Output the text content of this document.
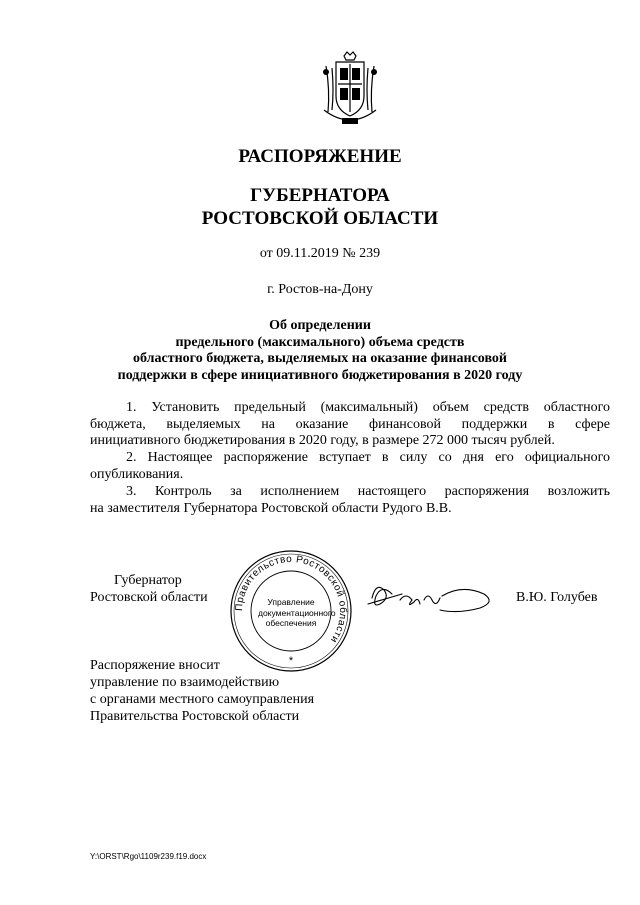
РАСПОРЯЖЕНИЕ
ГУБЕРНАТОРА
РОСТОВСКОЙ ОБЛАСТИ
от 09.11.2019 № 239
г. Ростов-на-Дону
Об определении
предельного (максимального) объема средств
областного бюджета, выделяемых на оказание финансовой
поддержки в сфере инициативного бюджетирования в 2020 году
1. Установить предельный (максимальный) объем средств областного
бюджета, выделяемых на оказание финансовой поддержки в сфере
инициативного бюджетирования в 2020 году, в размере 272 000 тысяч рублей.
2. Настоящее распоряжение вступает в силу со дня его официального
опубликования.
3. Контроль за исполнением настоящего распоряжения возложить
на заместителя Губернатора Ростовской области Рудого В.В.
Губернатор
Ростовской области	В.Ю. Голубев
Правительство Ростовской области
*
Управление
документационного
обеспечения
Распоряжение вносит
управление по взаимодействию
с органами местного самоуправления
Правительства Ростовской области
Y:\ORST\Rgo\1109r239.f19.docx
